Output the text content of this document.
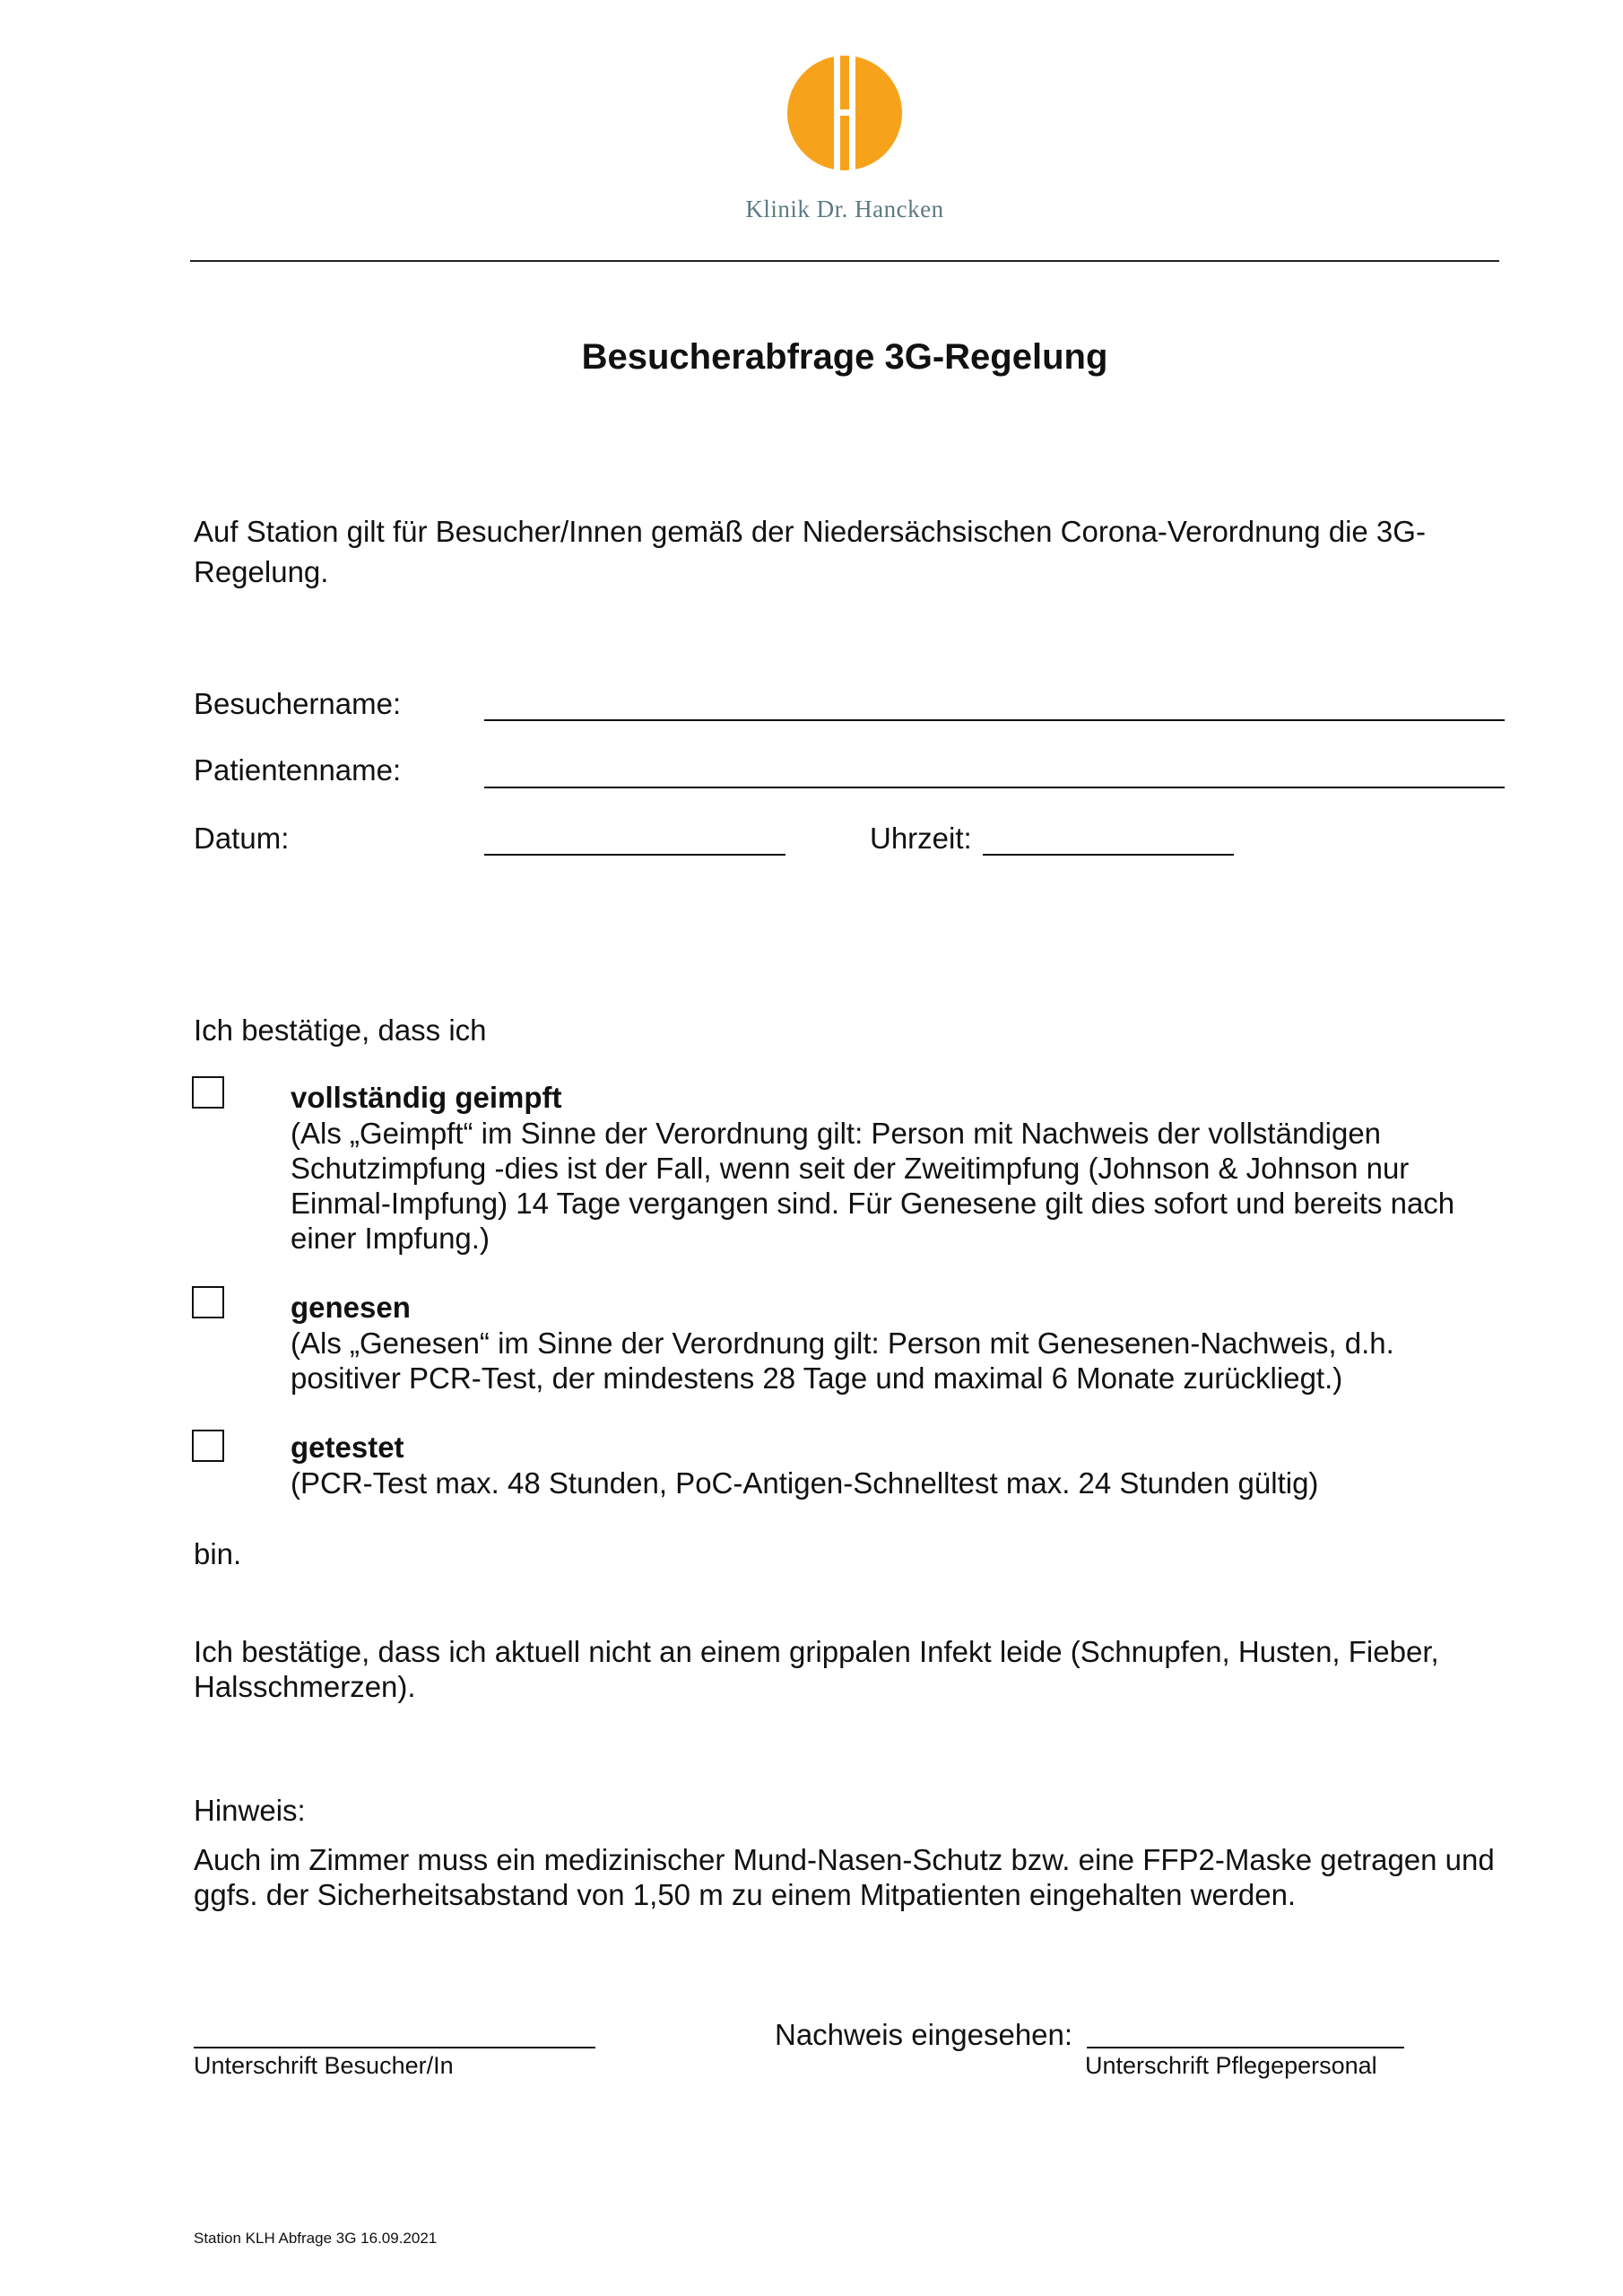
Klinik Dr. Hancken
Besucherabfrage 3G-Regelung
Auf Station gilt für Besucher/Innen gemäß der Niedersächsischen Corona-Verordnung die 3G-Regelung.
Besuchername:
Patientenname:
Datum:	Uhrzeit:
Ich bestätige, dass ich
vollständig geimpft
(Als „Geimpft“ im Sinne der Verordnung gilt: Person mit Nachweis der vollständigen Schutzimpfung -dies ist der Fall, wenn seit der Zweitimpfung (Johnson & Johnson nur Einmal-Impfung) 14 Tage vergangen sind. Für Genesene gilt dies sofort und bereits nach einer Impfung.)
genesen
(Als „Genesen“ im Sinne der Verordnung gilt: Person mit Genesenen-Nachweis, d.h. positiver PCR-Test, der mindestens 28 Tage und maximal 6 Monate zurückliegt.)
getestet
(PCR-Test max. 48 Stunden, PoC-Antigen-Schnelltest max. 24 Stunden gültig)
bin.
Ich bestätige, dass ich aktuell nicht an einem grippalen Infekt leide (Schnupfen, Husten, Fieber, Halsschmerzen).
Hinweis:
Auch im Zimmer muss ein medizinischer Mund-Nasen-Schutz bzw. eine FFP2-Maske getragen und ggfs. der Sicherheitsabstand von 1,50 m zu einem Mitpatienten eingehalten werden.
Unterschrift Besucher/In
Nachweis eingesehen:
Unterschrift Pflegepersonal
Station KLH Abfrage 3G 16.09.2021
